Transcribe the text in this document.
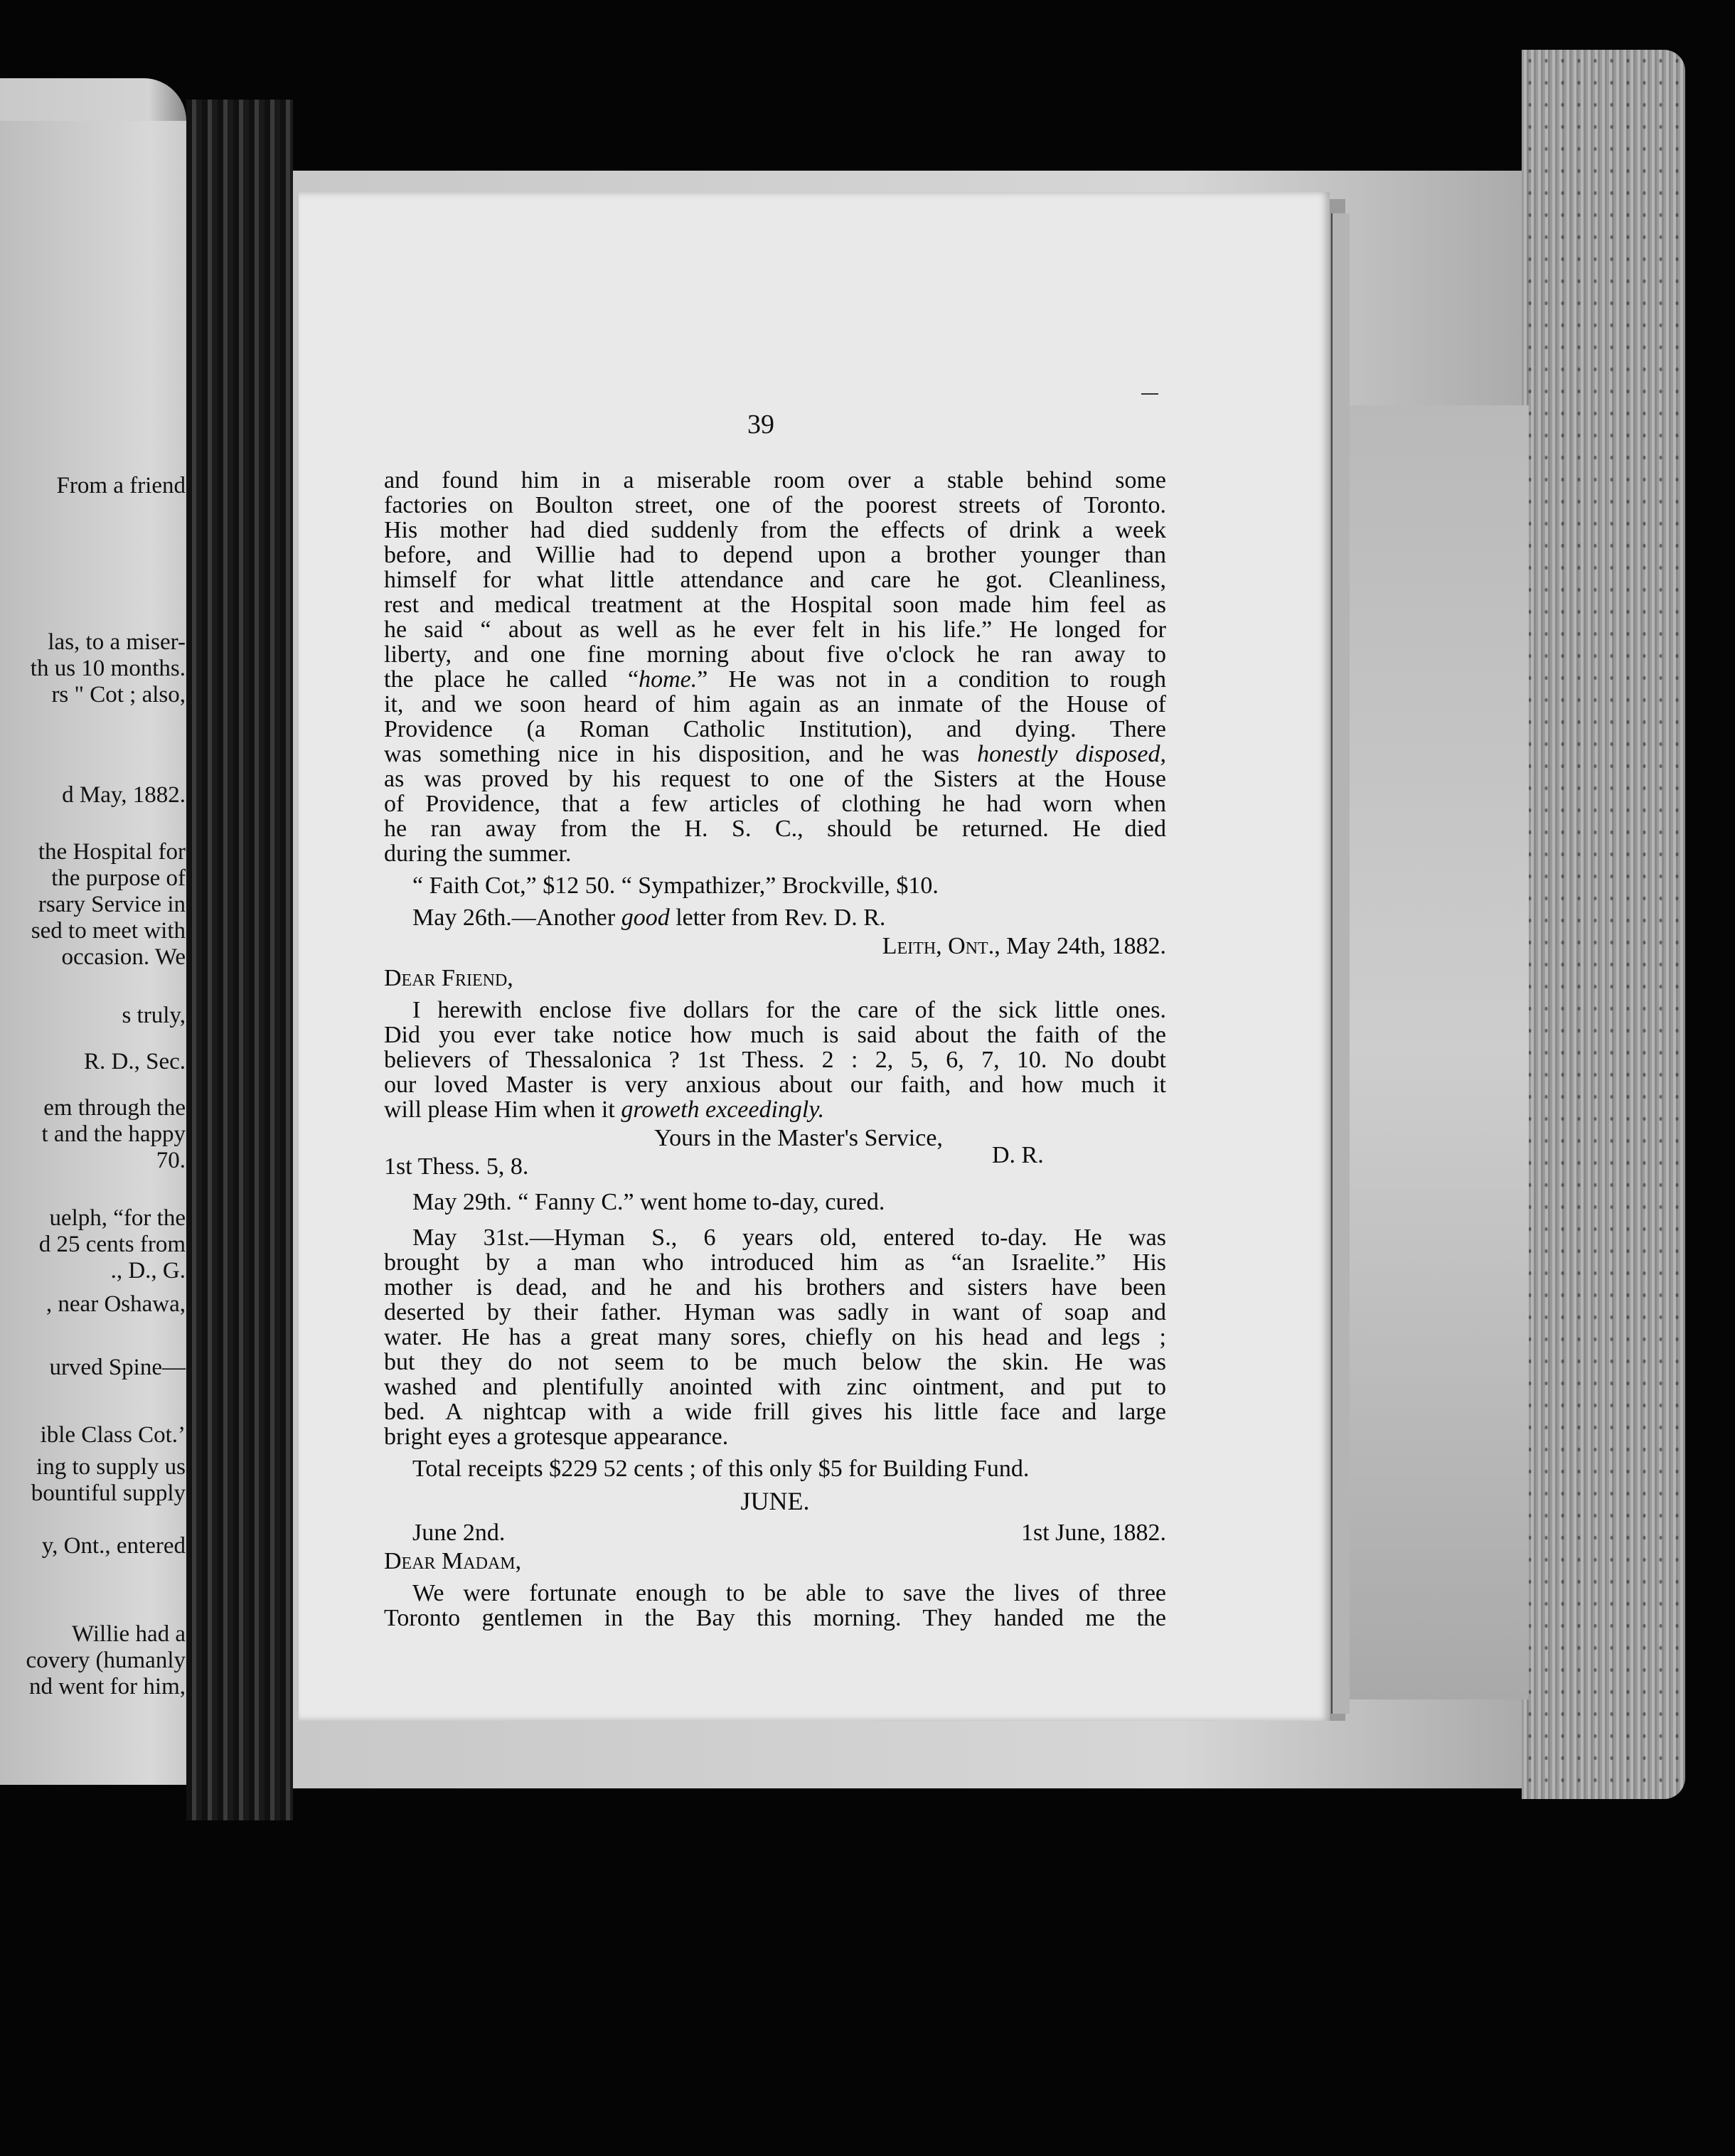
From a friend
las, to a miser-
th us 10 months.
rs " Cot ; also,
d May, 1882.
the Hospital for
the purpose of
rsary Service in
sed to meet with
occasion. We
s truly,
R. D., Sec.
em through the
t and the happy
70.
uelph, “for the
d 25 cents from
., D., G.
, near Oshawa,
urved Spine—
ible Class Cot.’
ing to supply us
bountiful supply
y, Ont., entered
Willie had a
covery (humanly
nd went for him,
39
and found him in a miserable room over a stable behind some
factories on Boulton street, one of the poorest streets of Toronto.
His mother had died suddenly from the effects of drink a week
before, and Willie had to depend upon a brother younger than
himself for what little attendance and care he got. Cleanliness,
rest and medical treatment at the Hospital soon made him feel as
he said “ about as well as he ever felt in his life.” He longed for
liberty, and one fine morning about five o'clock he ran away to
the place he called “home.” He was not in a condition to rough
it, and we soon heard of him again as an inmate of the House of
Providence (a Roman Catholic Institution), and dying. There
was something nice in his disposition, and he was honestly disposed,
as was proved by his request to one of the Sisters at the House
of Providence, that a few articles of clothing he had worn when
he ran away from the H. S. C., should be returned. He died
during the summer.
“ Faith Cot,” $12 50. “ Sympathizer,” Brockville, $10.
May 26th.—Another good letter from Rev. D. R.
Leith, Ont., May 24th, 1882.
Dear Friend,
I herewith enclose five dollars for the care of the sick little ones.
Did you ever take notice how much is said about the faith of the
believers of Thessalonica ? 1st Thess. 2 : 2, 5, 6, 7, 10. No doubt
our loved Master is very anxious about our faith, and how much it
will please Him when it groweth exceedingly.
Yours in the Master's Service,
1st Thess. 5, 8.	D. R.
May 29th. “ Fanny C.” went home to-day, cured.
May 31st.—Hyman S., 6 years old, entered to-day. He was
brought by a man who introduced him as “an Israelite.” His
mother is dead, and he and his brothers and sisters have been
deserted by their father. Hyman was sadly in want of soap and
water. He has a great many sores, chiefly on his head and legs ;
but they do not seem to be much below the skin. He was
washed and plentifully anointed with zinc ointment, and put to
bed. A nightcap with a wide frill gives his little face and large
bright eyes a grotesque appearance.
Total receipts $229 52 cents ; of this only $5 for Building Fund.
JUNE.
June 2nd.	1st June, 1882.
Dear Madam,
We were fortunate enough to be able to save the lives of three
Toronto gentlemen in the Bay this morning. They handed me the
